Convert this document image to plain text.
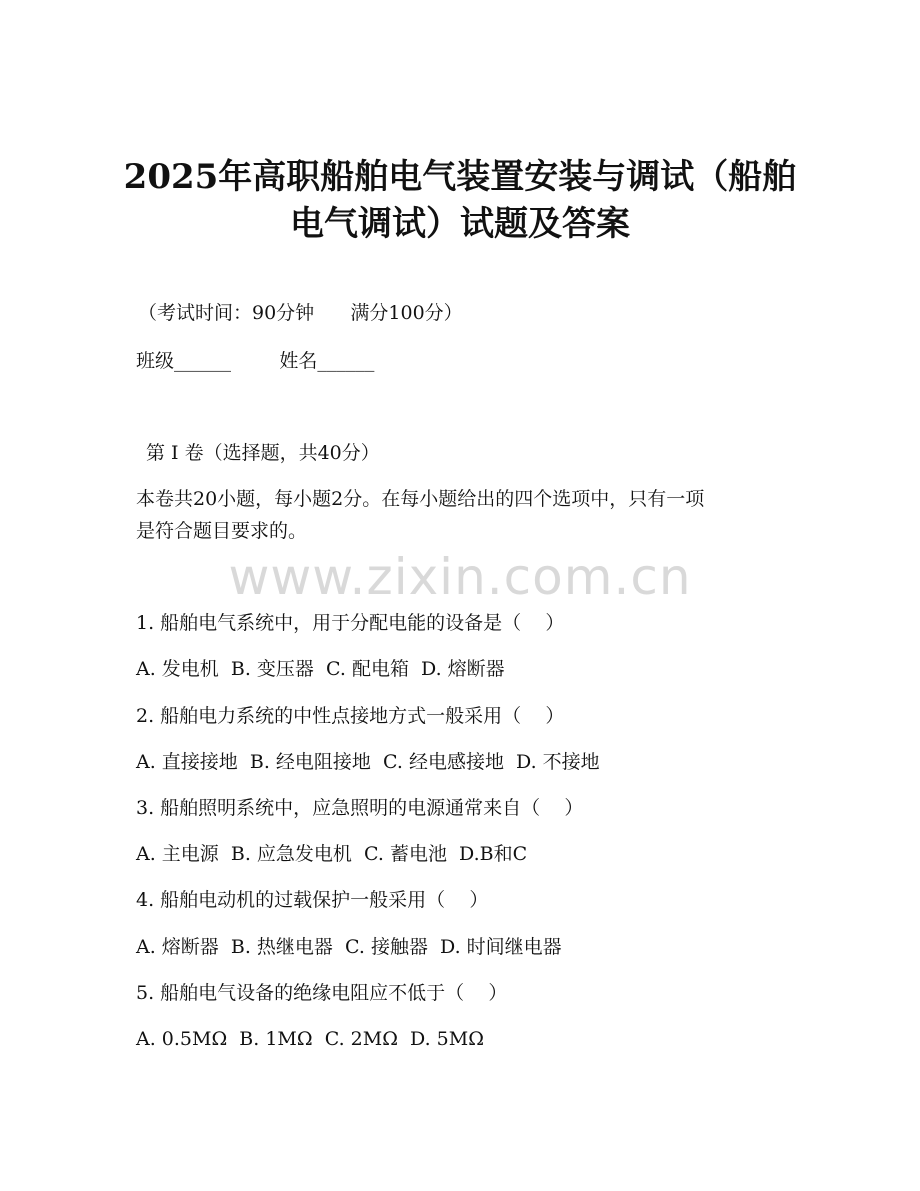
2025年高职船舶电气装置安装与调试（船舶
电气调试）试题及答案
（考试时间：90分钟      满分100分）
班级______        姓名______
第 I 卷（选择题，共40分）
本卷共20小题，每小题2分。在每小题给出的四个选项中，只有一项
是符合题目要求的。
www.zixin.com.cn
1. 船舶电气系统中，用于分配电能的设备是（    ）
A. 发电机  B. 变压器  C. 配电箱  D. 熔断器
2. 船舶电力系统的中性点接地方式一般采用（    ）
A. 直接接地  B. 经电阻接地  C. 经电感接地  D. 不接地
3. 船舶照明系统中，应急照明的电源通常来自（    ）
A. 主电源  B. 应急发电机  C. 蓄电池  D.B和C
4. 船舶电动机的过载保护一般采用（    ）
A. 熔断器  B. 热继电器  C. 接触器  D. 时间继电器
5. 船舶电气设备的绝缘电阻应不低于（    ）
A. 0.5MΩ  B. 1MΩ  C. 2MΩ  D. 5MΩ
